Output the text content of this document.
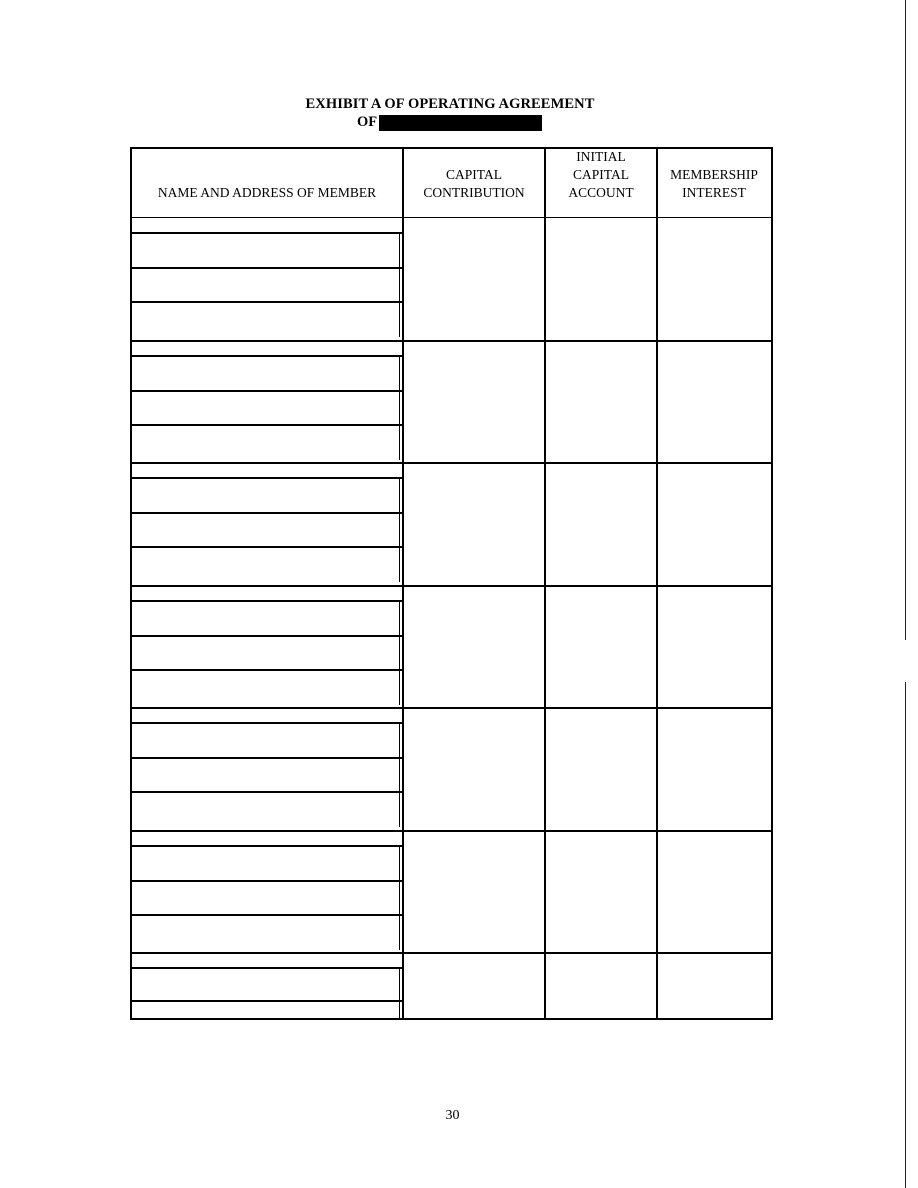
EXHIBIT A OF OPERATING AGREEMENT
OF
NAME AND ADDRESS OF MEMBER
CAPITAL
CONTRIBUTION
INITIAL
CAPITAL
ACCOUNT
MEMBERSHIP
INTEREST
30
